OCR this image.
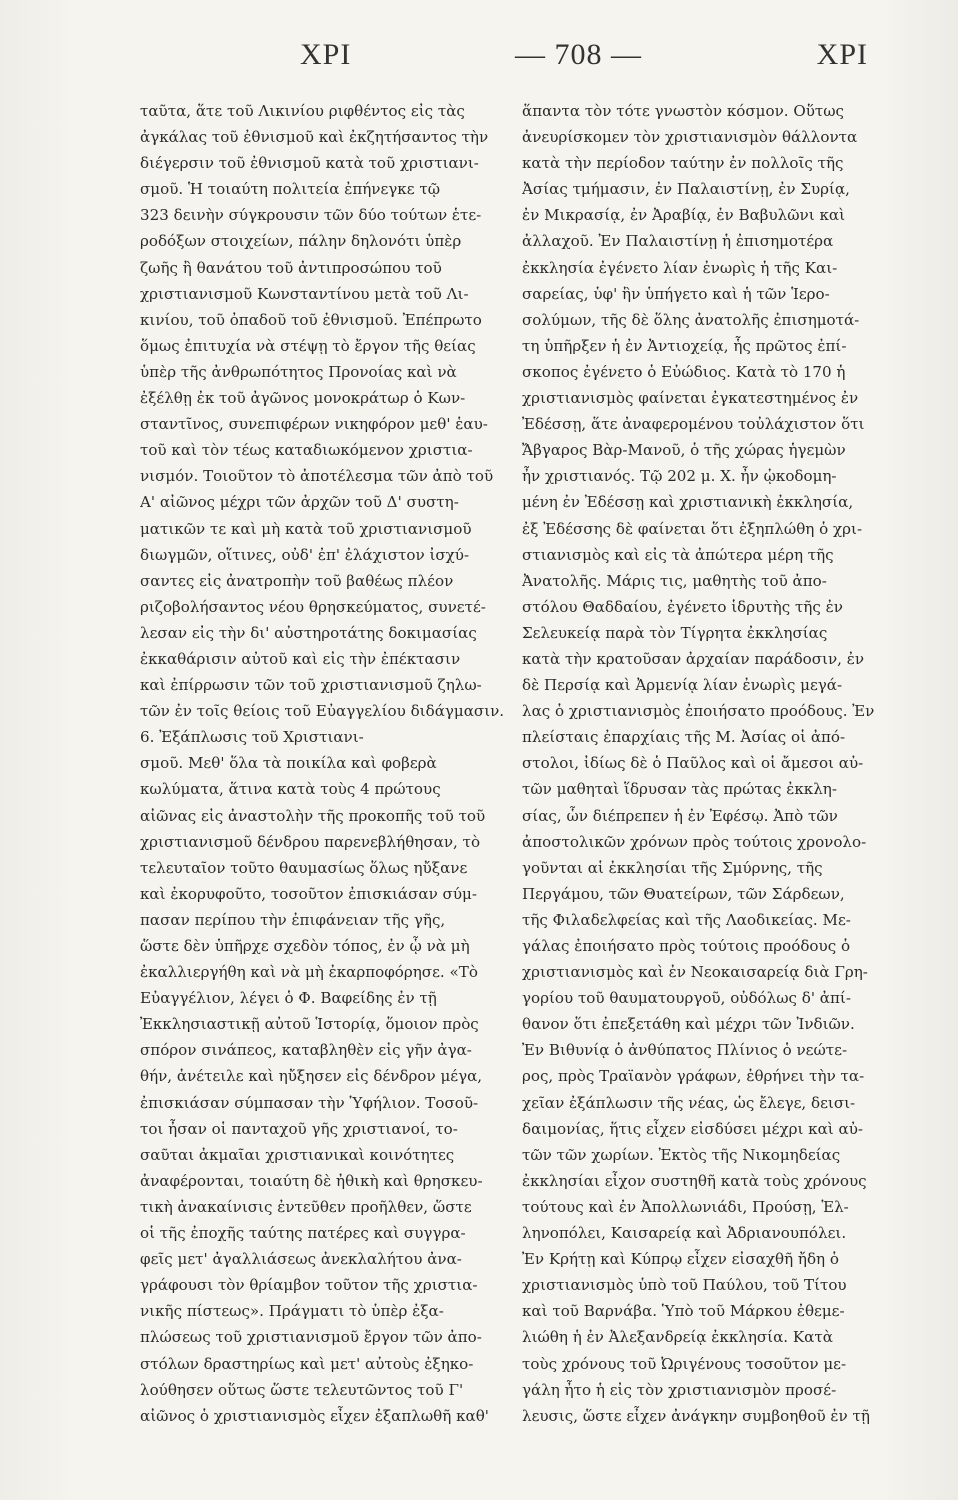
ΧΡΙ	— 708 —	ΧΡΙ
ταῦτα, ἅτε τοῦ Λικινίου ριφθέντος εἰς τὰς
ἀγκάλας τοῦ ἐθνισμοῦ καὶ ἐκζητήσαντος τὴν
διέγερσιν τοῦ ἐθνισμοῦ κατὰ τοῦ χριστιανι-
σμοῦ. Ἡ τοιαύτη πολιτεία ἐπήνεγκε τῷ
323 δεινὴν σύγκρουσιν τῶν δύο τούτων ἑτε-
ροδόξων στοιχείων, πάλην δηλονότι ὑπὲρ
ζωῆς ἢ θανάτου τοῦ ἀντιπροσώπου τοῦ
χριστιανισμοῦ Κωνσταντίνου μετὰ τοῦ Λι-
κινίου, τοῦ ὀπαδοῦ τοῦ ἐθνισμοῦ. Ἐπέπρωτο
ὅμως ἐπιτυχία νὰ στέψῃ τὸ ἔργον τῆς θείας
ὑπὲρ τῆς ἀνθρωπότητος Προνοίας καὶ νὰ
ἐξέλθῃ ἐκ τοῦ ἀγῶνος μονοκράτωρ ὁ Κων-
σταντῖνος, συνεπιφέρων νικηφόρον μεθ' ἑαυ-
τοῦ καὶ τὸν τέως καταδιωκόμενον χριστια-
νισμόν. Τοιοῦτον τὸ ἀποτέλεσμα τῶν ἀπὸ τοῦ
Α' αἰῶνος μέχρι τῶν ἀρχῶν τοῦ Δ' συστη-
ματικῶν τε καὶ μὴ κατὰ τοῦ χριστιανισμοῦ
διωγμῶν, οἵτινες, οὐδ' ἐπ' ἐλάχιστον ἰσχύ-
σαντες εἰς ἀνατροπὴν τοῦ βαθέως πλέον
ριζοβολήσαντος νέου θρησκεύματος, συνετέ-
λεσαν εἰς τὴν δι' αὐστηροτάτης δοκιμασίας
ἐκκαθάρισιν αὐτοῦ καὶ εἰς τὴν ἐπέκτασιν
καὶ ἐπίρρωσιν τῶν τοῦ χριστιανισμοῦ ζηλω-
τῶν ἐν τοῖς θείοις τοῦ Εὐαγγελίου διδάγμασιν.
6. Ἐξάπλωσις τοῦ Χριστιανι-
σμοῦ. Μεθ' ὅλα τὰ ποικίλα καὶ φοβερὰ
κωλύματα, ἅτινα κατὰ τοὺς 4 πρώτους
αἰῶνας εἰς ἀναστολὴν τῆς προκοπῆς τοῦ τοῦ
χριστιανισμοῦ δένδρου παρενεβλήθησαν, τὸ
τελευταῖον τοῦτο θαυμασίως ὅλως ηὔξανε
καὶ ἐκορυφοῦτο, τοσοῦτον ἐπισκιάσαν σύμ-
πασαν περίπου τὴν ἐπιφάνειαν τῆς γῆς,
ὥστε δὲν ὑπῆρχε σχεδὸν τόπος, ἐν ᾧ νὰ μὴ
ἐκαλλιεργήθη καὶ νὰ μὴ ἐκαρποφόρησε. «Τὸ
Εὐαγγέλιον, λέγει ὁ Φ. Βαφείδης ἐν τῇ
Ἐκκλησιαστικῇ αὐτοῦ Ἱστορίᾳ, ὅμοιον πρὸς
σπόρον σινάπεος, καταβληθὲν εἰς γῆν ἀγα-
θήν, ἀνέτειλε καὶ ηὔξησεν εἰς δένδρον μέγα,
ἐπισκιάσαν σύμπασαν τὴν Ὑφήλιον. Τοσοῦ-
τοι ἦσαν οἱ πανταχοῦ γῆς χριστιανοί, το-
σαῦται ἀκμαῖαι χριστιανικαὶ κοινότητες
ἀναφέρονται, τοιαύτη δὲ ἠθικὴ καὶ θρησκευ-
τικὴ ἀνακαίνισις ἐντεῦθεν προῆλθεν, ὥστε
οἱ τῆς ἐποχῆς ταύτης πατέρες καὶ συγγρα-
φεῖς μετ' ἀγαλλιάσεως ἀνεκλαλήτου ἀνα-
γράφουσι τὸν θρίαμβον τοῦτον τῆς χριστια-
νικῆς πίστεως». Πράγματι τὸ ὑπὲρ ἐξα-
πλώσεως τοῦ χριστιανισμοῦ ἔργον τῶν ἀπο-
στόλων δραστηρίως καὶ μετ' αὐτοὺς ἐξηκο-
λούθησεν οὕτως ὥστε τελευτῶντος τοῦ Γ'
αἰῶνος ὁ χριστιανισμὸς εἶχεν ἐξαπλωθῆ καθ'
ἅπαντα τὸν τότε γνωστὸν κόσμον. Οὕτως
ἀνευρίσκομεν τὸν χριστιανισμὸν θάλλοντα
κατὰ τὴν περίοδον ταύτην ἐν πολλοῖς τῆς
Ἀσίας τμήμασιν, ἐν Παλαιστίνῃ, ἐν Συρίᾳ,
ἐν Μικρασίᾳ, ἐν Ἀραβίᾳ, ἐν Βαβυλῶνι καὶ
ἀλλαχοῦ. Ἐν Παλαιστίνῃ ἡ ἐπισημοτέρα
ἐκκλησία ἐγένετο λίαν ἐνωρὶς ἡ τῆς Και-
σαρείας, ὑφ' ἣν ὑπήγετο καὶ ἡ τῶν Ἱερο-
σολύμων, τῆς δὲ ὅλης ἀνατολῆς ἐπισημοτά-
τη ὑπῆρξεν ἡ ἐν Ἀντιοχείᾳ, ἧς πρῶτος ἐπί-
σκοπος ἐγένετο ὁ Εὐώδιος. Κατὰ τὸ 170 ἡ
χριστιανισμὸς φαίνεται ἐγκατεστημένος ἐν
Ἐδέσσῃ, ἅτε ἀναφερομένου τοὐλάχιστον ὅτι
Ἄβγαρος Βὰρ-Μανοῦ, ὁ τῆς χώρας ἡγεμὼν
ἦν χριστιανός. Τῷ 202 μ. Χ. ἦν ᾠκοδομη-
μένη ἐν Ἐδέσσῃ καὶ χριστιανικὴ ἐκκλησία,
ἐξ Ἐδέσσης δὲ φαίνεται ὅτι ἐξηπλώθη ὁ χρι-
στιανισμὸς καὶ εἰς τὰ ἀπώτερα μέρη τῆς
Ἀνατολῆς. Μάρις τις, μαθητὴς τοῦ ἀπο-
στόλου Θαδδαίου, ἐγένετο ἱδρυτὴς τῆς ἐν
Σελευκείᾳ παρὰ τὸν Τίγρητα ἐκκλησίας
κατὰ τὴν κρατοῦσαν ἀρχαίαν παράδοσιν, ἐν
δὲ Περσίᾳ καὶ Ἀρμενίᾳ λίαν ἐνωρὶς μεγά-
λας ὁ χριστιανισμὸς ἐποιήσατο προόδους. Ἐν
πλείσταις ἐπαρχίαις τῆς Μ. Ἀσίας οἱ ἀπό-
στολοι, ἰδίως δὲ ὁ Παῦλος καὶ οἱ ἄμεσοι αὐ-
τῶν μαθηταὶ ἵδρυσαν τὰς πρώτας ἐκκλη-
σίας, ὧν διέπρεπεν ἡ ἐν Ἐφέσῳ. Ἀπὸ τῶν
ἀποστολικῶν χρόνων πρὸς τούτοις χρονολο-
γοῦνται αἱ ἐκκλησίαι τῆς Σμύρνης, τῆς
Περγάμου, τῶν Θυατείρων, τῶν Σάρδεων,
τῆς Φιλαδελφείας καὶ τῆς Λαοδικείας. Με-
γάλας ἐποιήσατο πρὸς τούτοις προόδους ὁ
χριστιανισμὸς καὶ ἐν Νεοκαισαρείᾳ διὰ Γρη-
γορίου τοῦ θαυματουργοῦ, οὐδόλως δ' ἀπί-
θανον ὅτι ἐπεξετάθη καὶ μέχρι τῶν Ἰνδιῶν.
Ἐν Βιθυνίᾳ ὁ ἀνθύπατος Πλίνιος ὁ νεώτε-
ρος, πρὸς Τραϊανὸν γράφων, ἐθρήνει τὴν τα-
χεῖαν ἐξάπλωσιν τῆς νέας, ὡς ἔλεγε, δεισι-
δαιμονίας, ἥτις εἶχεν εἰσδύσει μέχρι καὶ αὐ-
τῶν τῶν χωρίων. Ἐκτὸς τῆς Νικομηδείας
ἐκκλησίαι εἶχον συστηθῆ κατὰ τοὺς χρόνους
τούτους καὶ ἐν Ἀπολλωνιάδι, Προύσῃ, Ἑλ-
ληνοπόλει, Καισαρείᾳ καὶ Ἀδριανουπόλει.
Ἐν Κρήτῃ καὶ Κύπρῳ εἶχεν εἰσαχθῆ ἤδη ὁ
χριστιανισμὸς ὑπὸ τοῦ Παύλου, τοῦ Τίτου
καὶ τοῦ Βαρνάβα. Ὑπὸ τοῦ Μάρκου ἐθεμε-
λιώθη ἡ ἐν Ἀλεξανδρείᾳ ἐκκλησία. Κατὰ
τοὺς χρόνους τοῦ Ὠριγένους τοσοῦτον με-
γάλη ἦτο ἡ εἰς τὸν χριστιανισμὸν προσέ-
λευσις, ὥστε εἶχεν ἀνάγκην συμβοηθοῦ ἐν τῇ
